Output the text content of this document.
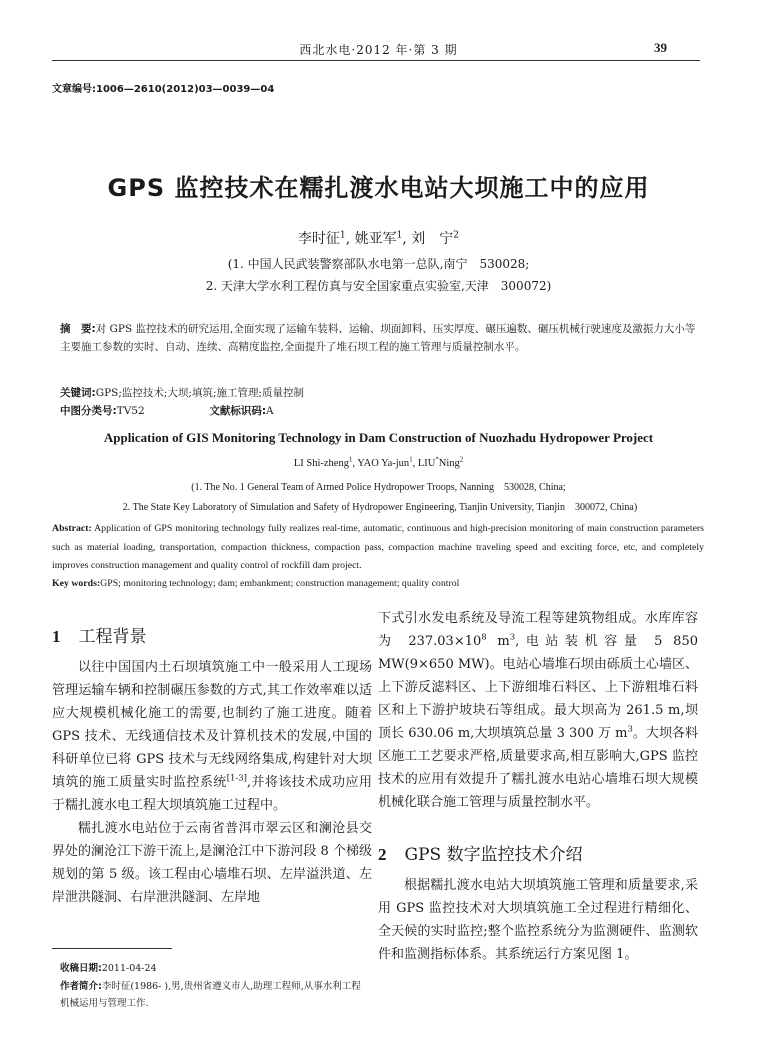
西北水电·2012 年·第 3 期	39
文章编号:1006—2610(2012)03—0039—04
GPS 监控技术在糯扎渡水电站大坝施工中的应用
李时征$^1$, 姚亚军$^1$, 刘　宁$^2$
(1. 中国人民武装警察部队水电第一总队,南宁　530028;
2. 天津大学水利工程仿真与安全国家重点实验室,天津　300072)
摘　要:对 GPS 监控技术的研究运用,全面实现了运输车装料、运输、坝面卸料、压实厚度、碾压遍数、碾压机械行驶速度及激振力大小等主要施工参数的实时、自动、连续、高精度监控,全面提升了堆石坝工程的施工管理与质量控制水平。
关键词:GPS;监控技术;大坝;填筑;施工管理;质量控制
中图分类号:TV52	文献标识码:A
Application of GIS Monitoring Technology in Dam Construction of Nuozhadu Hydropower Project
LI Shi-zheng$^1$, YAO Ya-jun$^1$, LIU*Ning$^2$
(1. The No. 1 General Team of Armed Police Hydropower Troops, Nanning　530028, China;
2. The State Key Laboratory of Simulation and Safety of Hydropower Engineering, Tianjin University, Tianjin　300072, China)
Abstract: Application of GPS monitoring technology fully realizes real-time, automatic, continuous and high-precision monitoring of main construction parameters such as material loading, transportation, compaction thickness, compaction pass, compaction machine traveling speed and exciting force, etc, and completely improves construction management and quality control of rockfill dam project.
Key words:GPS; monitoring technology; dam; embankment; construction management; quality control
1 工程背景

以往中国国内土石坝填筑施工中一般采用人工现场管理运输车辆和控制碾压参数的方式,其工作效率难以适应大规模机械化施工的需要,也制约了施工进度。随着 GPS 技术、无线通信技术及计算机技术的发展,中国的科研单位已将 GPS 技术与无线网络集成,构建针对大坝填筑的施工质量实时监控系统[1-3],并将该技术成功应用于糯扎渡水电工程大坝填筑施工过程中。

糯扎渡水电站位于云南省普洱市翠云区和澜沧县交界处的澜沧江下游干流上,是澜沧江中下游河段 8 个梯级规划的第 5 级。该工程由心墙堆石坝、左岸溢洪道、左岸泄洪隧洞、右岸泄洪隧洞、左岸地

下式引水发电系统及导流工程等建筑物组成。水库库容为 $237.03\times 10^8$ $m^3$,电站装机容量 5 850 MW(9×650 MW)。电站心墙堆石坝由砾质土心墙区、上下游反滤料区、上下游细堆石料区、上下游粗堆石料区和上下游护坡块石等组成。最大坝高为 261.5 m,坝顶长 630.06 m,大坝填筑总量 3 300 万 $m^3$。大坝各料区施工工艺要求严格,质量要求高,相互影响大,GPS 监控技术的应用有效提升了糯扎渡水电站心墙堆石坝大规模机械化联合施工管理与质量控制水平。

2 GPS 数字监控技术介绍

根据糯扎渡水电站大坝填筑施工管理和质量要求,采用 GPS 监控技术对大坝填筑施工全过程进行精细化、全天候的实时监控;整个监控系统分为监测硬件、监测软件和监测指标体系。其系统运行方案见图 1。

收稿日期:2011-04-24
作者简介:李时征(1986- ),男,贵州省遵义市人,助理工程师,从事水利工程机械运用与管理工作.
